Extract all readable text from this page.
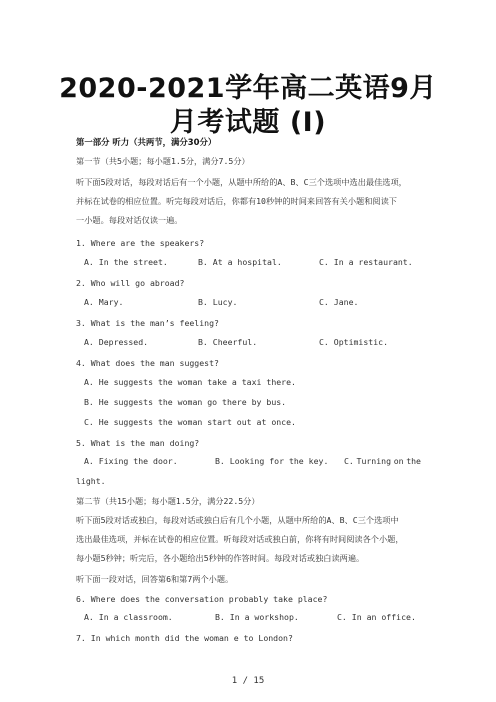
2020-2021学年高二英语9月
月考试题 (I)
第一部分 听力（共两节，满分30分）
第一节（共5小题；每小题1.5分，满分7.5分）
听下面5段对话，每段对话后有一个小题，从题中所给的A、B、C三个选项中选出最佳选项，
并标在试卷的相应位置。听完每段对话后，你都有10秒钟的时间来回答有关小题和阅读下
一小题。每段对话仅读一遍。
1. Where are the speakers?
A. In the street.	B. At a hospital.	C. In a restaurant.
2. Who will go abroad?
A. Mary.	B. Lucy.	C. Jane.
3. What is the man’s feeling?
A. Depressed.	B. Cheerful.	C. Optimistic.
4. What does the man suggest?
A. He suggests the woman take a taxi there.
B. He suggests the woman go there by bus.
C. He suggests the woman start out at once.
5. What is the man doing?
A. Fixing the door.	B. Looking for the key. C. Turning on the
light.
第二节（共15小题；每小题1.5分，满分22.5分）
听下面5段对话或独白，每段对话或独白后有几个小题，从题中所给的A、B、C三个选项中
选出最佳选项，并标在试卷的相应位置。听每段对话或独白前，你将有时间阅读各个小题，
每小题5秒钟；听完后，各小题给出5秒钟的作答时间。每段对话或独白读两遍。
听下面一段对话，回答第6和第7两个小题。
6. Where does the conversation probably take place?
A. In a classroom.	B. In a workshop.	C. In an office.
7. In which month did the woman e to London?
1 / 15
